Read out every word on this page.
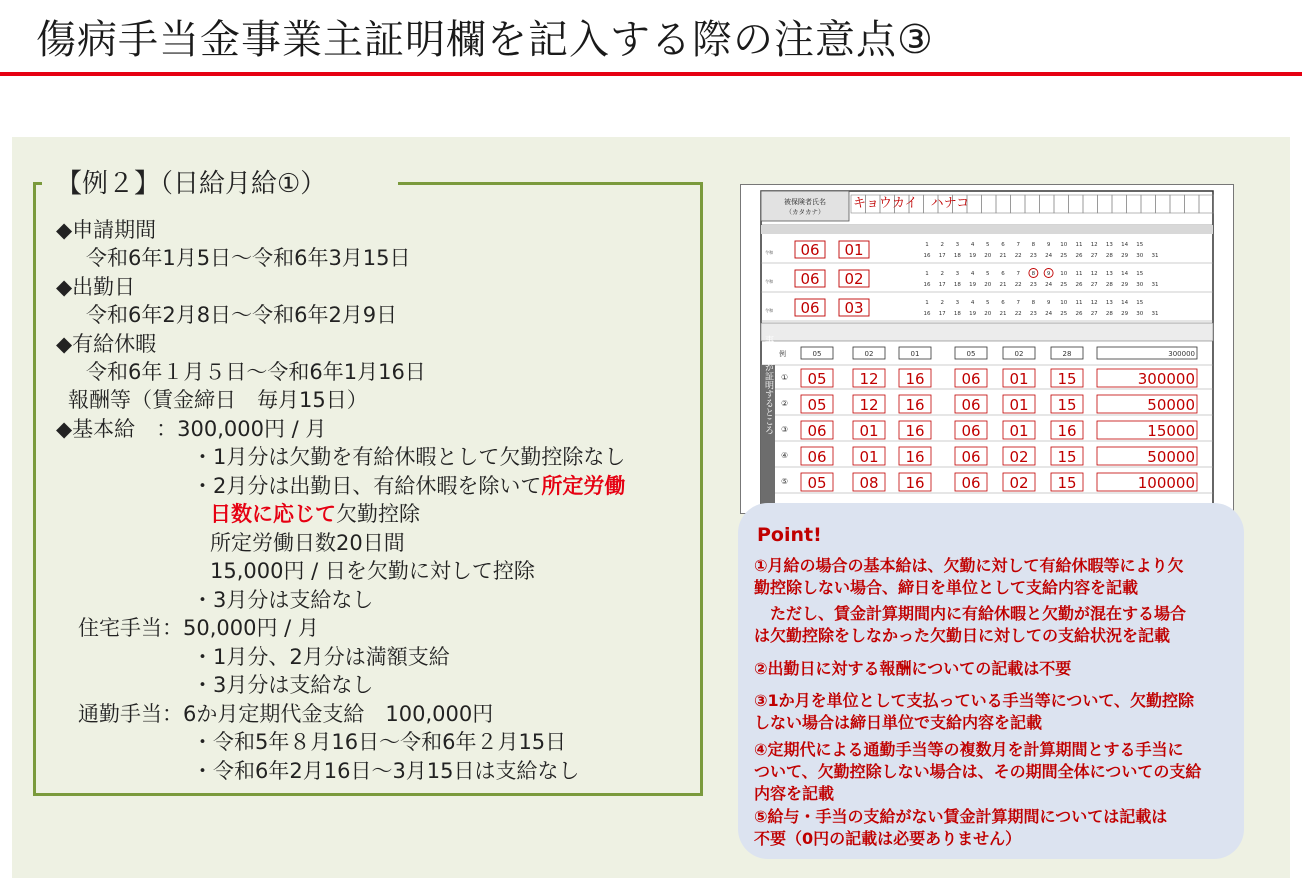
傷病手当金事業主証明欄を記入する際の注意点③
【例２】（日給月給①）
◆申請期間
令和6年1月5日～令和6年3月15日
◆出勤日
令和6年2月8日～令和6年2月9日
◆有給休暇
令和6年１月５日～令和6年1月16日
報酬等（賃金締日　毎月15日）
◆基本給　：300,000円 / 月
・1月分は欠勤を有給休暇として欠勤控除なし
・2月分は出勤日、有給休暇を除いて所定労働
日数に応じて欠勤控除
所定労働日数20日間
15,000円 / 日を欠勤に対して控除
・3月分は支給なし
住宅手当：50,000円 / 月
・1月分、2月分は満額支給
・3月分は支給なし
通勤手当：6か月定期代金支給　100,000円
・令和5年８月16日～令和6年２月15日
・令和6年2月16日～3月15日は支給なし
被保険者氏名
（カタカナ）
キョウカイ　ハナコ
令和 06 01	1 2 3 4 5 6 7 8 9 10 11 12 13 14 15
16 17 18 19 20 21 22 23 24 25 26 27 28 29 30 31
令和 06 02	1 2 3 4 5 6 7 8 9 10 11 12 13 14 15
16 17 18 19 20 21 22 23 24 25 26 27 28 29 30 31
令和 06 03	1 2 3 4 5 6 7 8 9 10 11 12 13 14 15
16 17 18 19 20 21 22 23 24 25 26 27 28 29 30 31
例	05	02	01	05	02	28	300000
① 05 12 16 06 01 15	300000
② 05 12 16 06 01 15	50000
③ 06 01 16 06 01 16	15000
④ 06 01 16 06 02 15	50000
⑤ 05 08 16 06 02 15	100000
事業主が証明するところ
Point!
①月給の場合の基本給は、欠勤に対して有給休暇等により欠
勤控除しない場合、締日を単位として支給内容を記載
　ただし、賃金計算期間内に有給休暇と欠勤が混在する場合
は欠勤控除をしなかった欠勤日に対しての支給状況を記載
②出勤日に対する報酬についての記載は不要
③1か月を単位として支払っている手当等について、欠勤控除
しない場合は締日単位で支給内容を記載
④定期代による通勤手当等の複数月を計算期間とする手当に
ついて、欠勤控除しない場合は、その期間全体についての支給
内容を記載
⑤給与・手当の支給がない賃金計算期間については記載は
不要（0円の記載は必要ありません）
